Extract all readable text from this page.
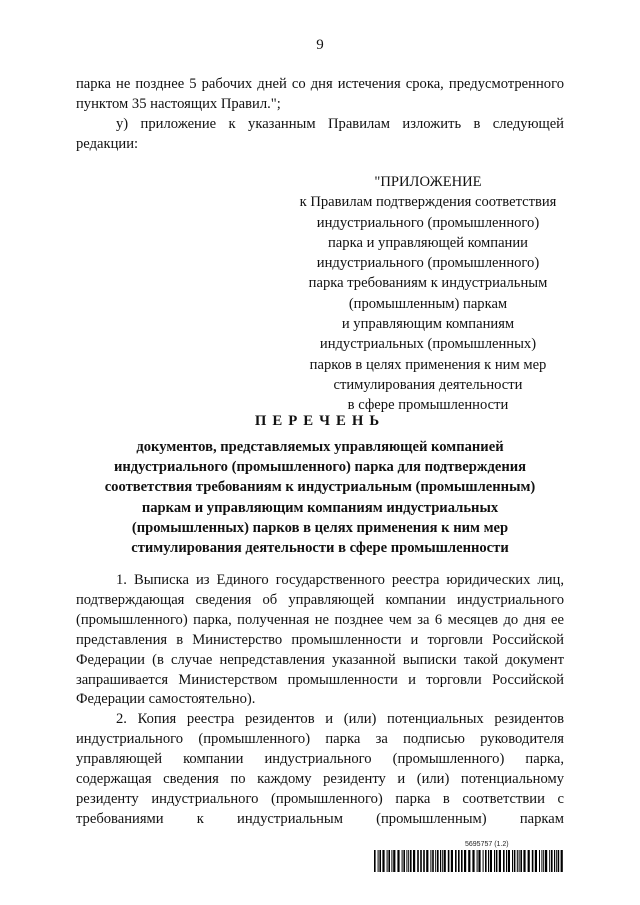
9

парка не позднее 5 рабочих дней со дня истечения срока, предусмотренного пунктом 35 настоящих Правил.";

у) приложение к указанным Правилам изложить в следующей редакции:

"ПРИЛОЖЕНИЕ
к Правилам подтверждения соответствия
индустриального (промышленного)
парка и управляющей компании
индустриального (промышленного)
парка требованиям к индустриальным
(промышленным) паркам
и управляющим компаниям
индустриальных (промышленных)
парков в целях применения к ним мер
стимулирования деятельности
в сфере промышленности
ПЕРЕЧЕНЬ
документов, представляемых управляющей компанией
индустриального (промышленного) парка для подтверждения
соответствия требованиям к индустриальным (промышленным)
паркам и управляющим компаниям индустриальных
(промышленных) парков в целях применения к ним мер
стимулирования деятельности в сфере промышленности

1. Выписка из Единого государственного реестра юридических лиц, подтверждающая сведения об управляющей компании индустриального (промышленного) парка, полученная не позднее чем за 6 месяцев до дня ее представления в Министерство промышленности и торговли Российской Федерации (в случае непредставления указанной выписки такой документ запрашивается Министерством промышленности и торговли Российской Федерации самостоятельно).

2. Копия реестра резидентов и (или) потенциальных резидентов индустриального (промышленного) парка за подписью руководителя управляющей компании индустриального (промышленного) парка, содержащая сведения по каждому резиденту и (или) потенциальному резиденту индустриального (промышленного) парка в соответствии с требованиями к индустриальным (промышленным) паркам

5695757 (1.2)
